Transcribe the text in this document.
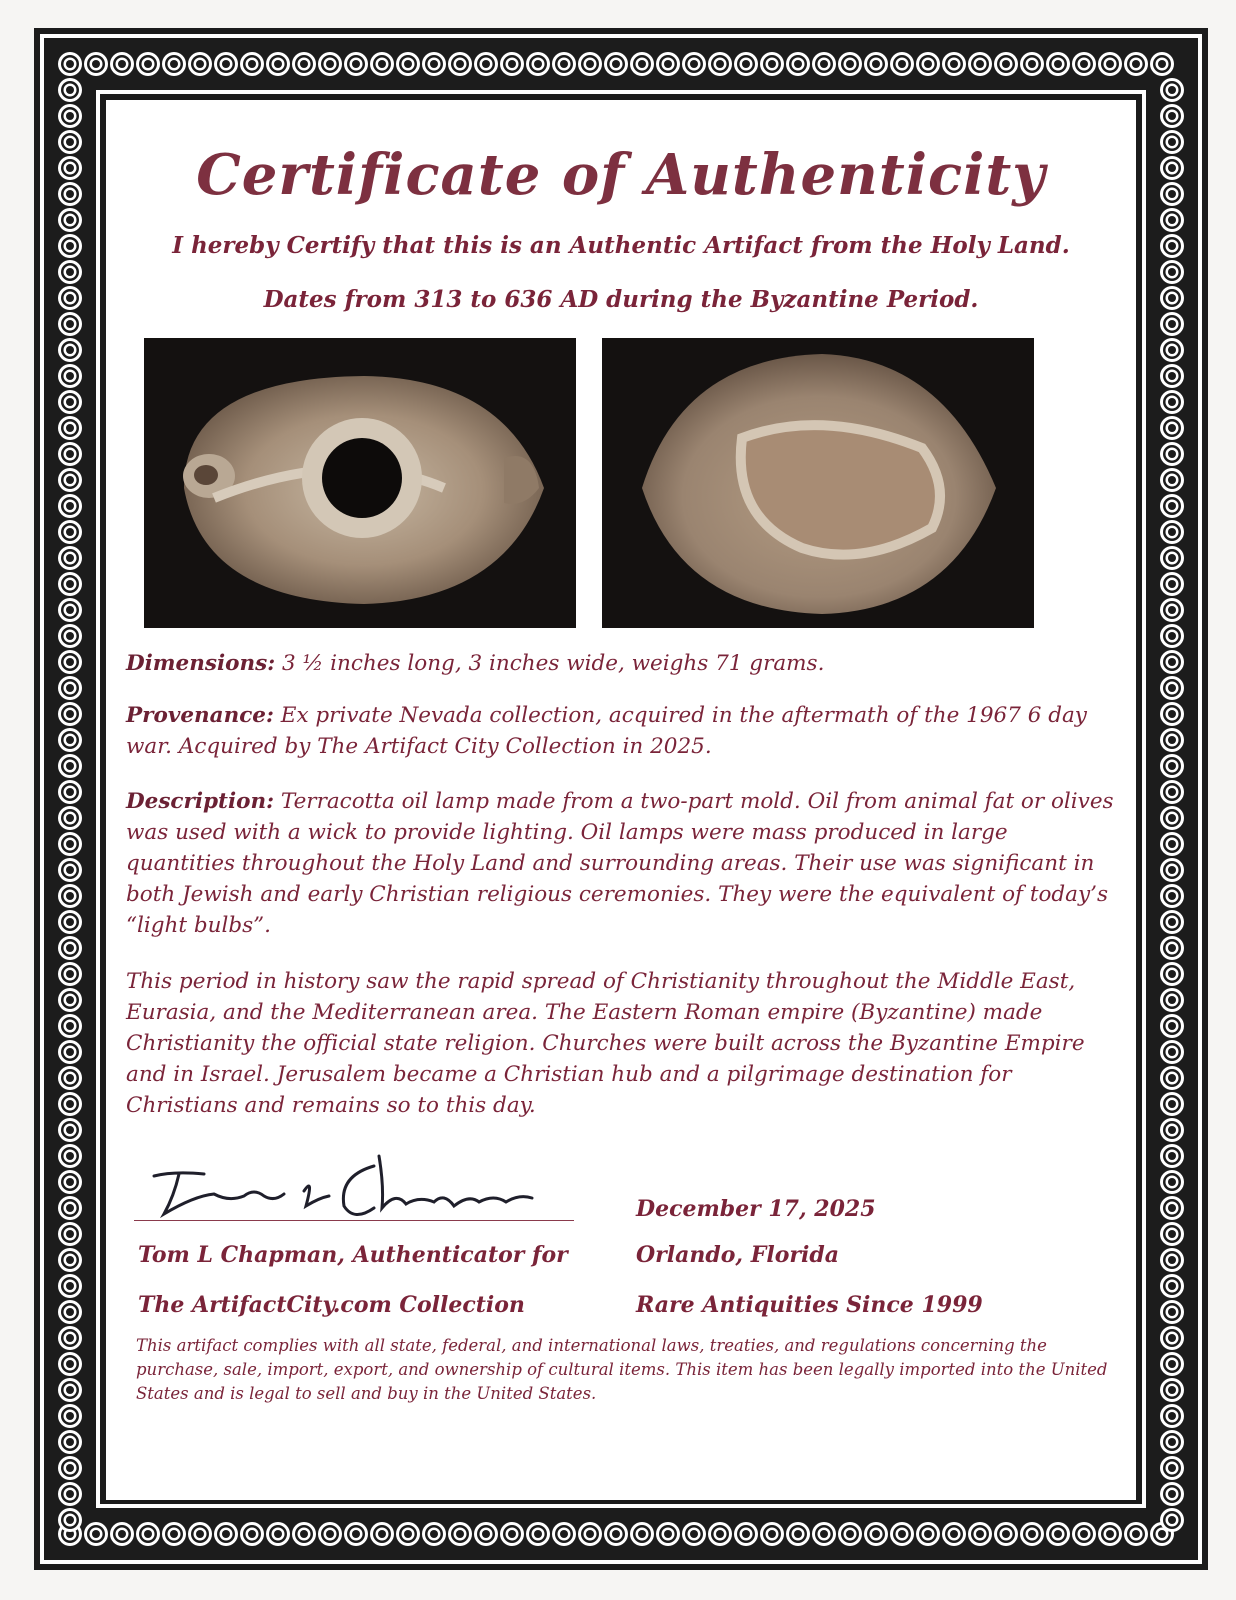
Certificate of Authenticity
I hereby Certify that this is an Authentic Artifact from the Holy Land.
Dates from 313 to 636 AD during the Byzantine Period.
Dimensions: 3 ½ inches long, 3 inches wide, weighs 71 grams.
Provenance: Ex private Nevada collection, acquired in the aftermath of the 1967 6 day war. Acquired by The Artifact City Collection in 2025.
Description: Terracotta oil lamp made from a two-part mold. Oil from animal fat or olives was used with a wick to provide lighting. Oil lamps were mass produced in large quantities throughout the Holy Land and surrounding areas. Their use was significant in both Jewish and early Christian religious ceremonies. They were the equivalent of today’s “light bulbs”.
This period in history saw the rapid spread of Christianity throughout the Middle East, Eurasia, and the Mediterranean area. The Eastern Roman empire (Byzantine) made Christianity the official state religion. Churches were built across the Byzantine Empire and in Israel. Jerusalem became a Christian hub and a pilgrimage destination for Christians and remains so to this day.
Tom L Chapman, Authenticator for
The ArtifactCity.com Collection
December 17, 2025
Orlando, Florida
Rare Antiquities Since 1999
This artifact complies with all state, federal, and international laws, treaties, and regulations concerning the purchase, sale, import, export, and ownership of cultural items. This item has been legally imported into the United States and is legal to sell and buy in the United States.
